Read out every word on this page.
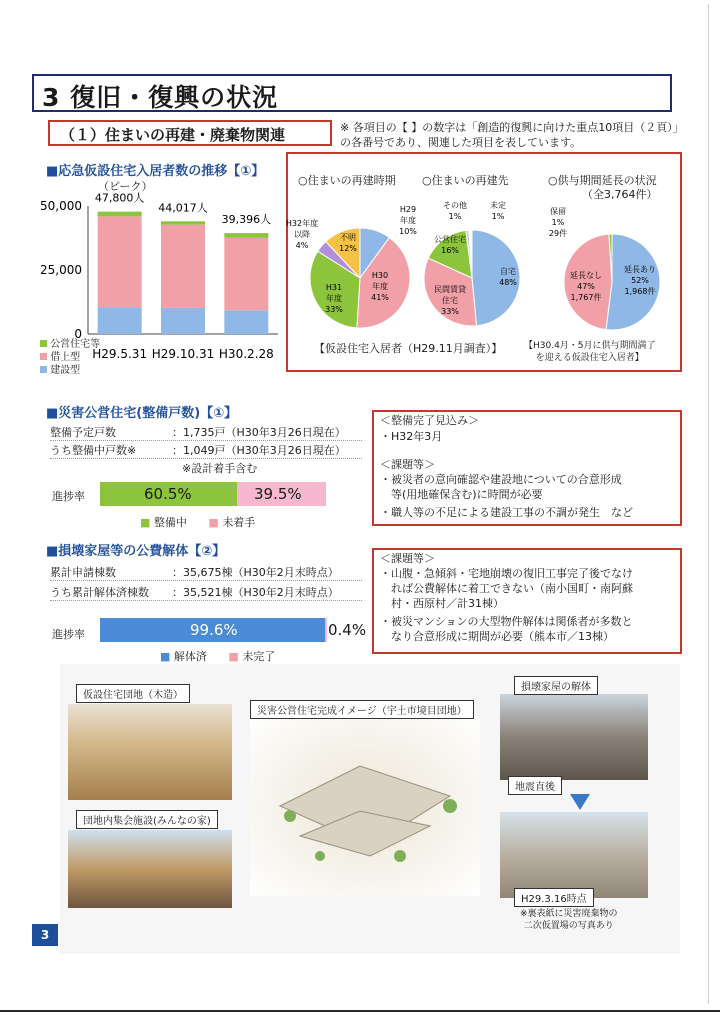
3 復旧・復興の状況
（１）住まいの再建・廃棄物関連	※ 各項目の【 】の数字は「創造的復興に向けた重点10項目（２頁）」の各番号であり、関連した項目を表しています。
■応急仮設住宅入居者数の推移【①】
（ピーク）
50,000
25,000
0
47,800人
H29.5.31
44,017人
H29.10.31
39,396人
H30.2.28
公営住宅等
借上型
建設型
○住まいの再建時期 ○住まいの再建先	○供与期間延長の状況
（全3,764件）
H29
年度
10%
H30
年度
41%
H31
年度
33%
H32年度
以降
4%
不明
12%
自宅
48%
民間賃貸
住宅
33%
公営住宅
16%
その他
1%
未定
1%
延長あり
52%
1,968件
延長なし
47%
1,767件
保留
1%
29件
【仮設住宅入居者（H29.11月調査）】 【H30.4月・5月に供与期間満了
を迎える仮設住宅入居者】
■災害公営住宅(整備戸数)【①】
整備予定戸数	：1,735戸（H30年3月26日現在）
うち整備中戸数※	：1,049戸（H30年3月26日現在）
※設計着手含む
進捗率	60.5%	39.5%
■ 整備中 ■ 未着手
＜整備完了見込み＞
・H32年3月
＜課題等＞
・被災者の意向確認や建設地についての合意形成
　等(用地確保含む)に時間が必要
・職人等の不足による建設工事の不調が発生　など
■損壊家屋等の公費解体【②】
累計申請棟数	：35,675棟（H30年2月末時点）
うち累計解体済棟数 ：35,521棟（H30年2月末時点）
進捗率	99.6%	0.4%
■ 解体済 ■ 未完了
＜課題等＞
・山腹・急傾斜・宅地崩壊の復旧工事完了後でなけ
　れば公費解体に着工できない（南小国町・南阿蘇
　村・西原村／計31棟）
・被災マンションの大型物件解体は関係者が多数と
　なり合意形成に期間が必要（熊本市／13棟）
仮設住宅団地（木造）
団地内集会施設(みんなの家)
災害公営住宅完成イメージ（宇土市境目団地）
損壊家屋の解体
地震直後
H29.3.16時点
※裏表紙に災害廃棄物の
二次仮置場の写真あり
3
